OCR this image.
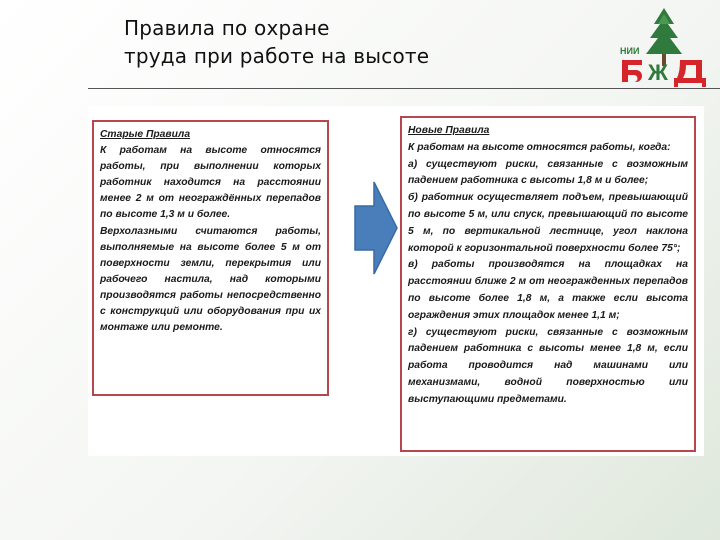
Правила по охране
труда при работе на высоте	НИИ
Ж
Старые Правила

К работам на высоте относятся работы, при выполнении которых работник находится на расстоянии менее 2 м от неограждённых перепадов по высоте 1,3 м и более.

Верхолазными считаются работы, выполняемые на высоте более 5 м от поверхности земли, перекрытия или рабочего настила, над которыми производятся работы непосредственно с конструкций или оборудования при их монтаже или ремонте.

Новые Правила

К работам на высоте относятся работы, когда:

а) существуют риски, связанные с возможным падением работника с высоты 1,8 м и более;

б) работник осуществляет подъем, превышающий по высоте 5 м, или спуск, превышающий по высоте 5 м, по вертикальной лестнице, угол наклона которой к горизонтальной поверхности более 75°;

в) работы производятся на площадках на расстоянии ближе 2 м от неогражденных перепадов по высоте более 1,8 м, а также если высота ограждения этих площадок менее 1,1 м;

г) существуют риски, связанные с возможным падением работника с высоты менее 1,8 м, если работа проводится над машинами или механизмами, водной поверхностью или выступающими предметами.
